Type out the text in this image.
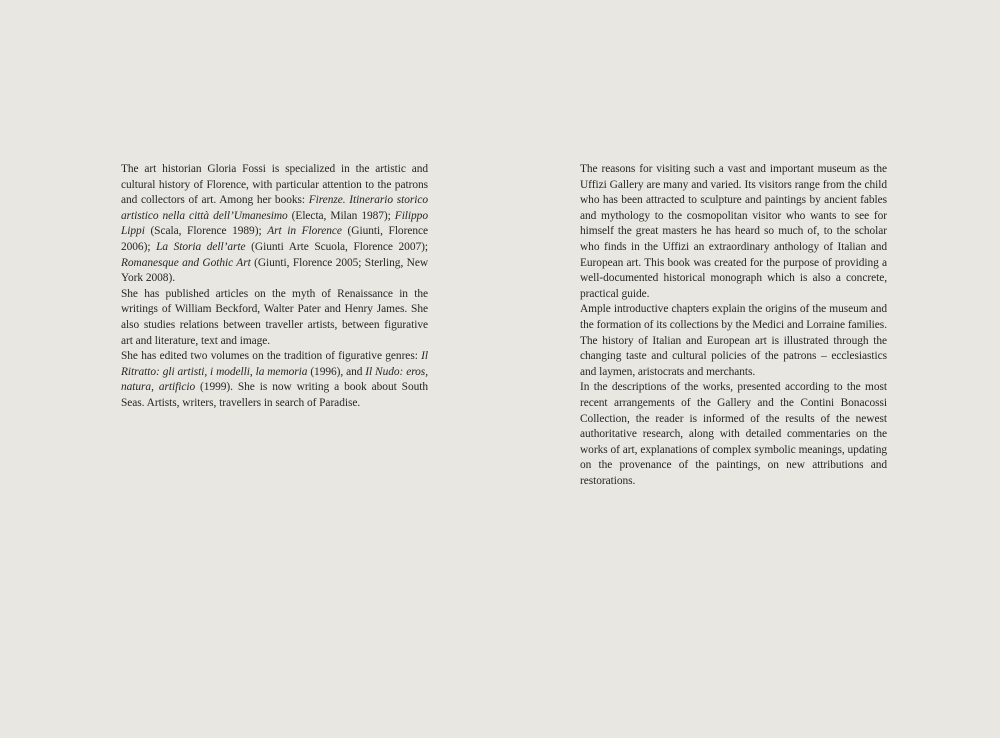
The art historian Gloria Fossi is specialized in the artistic and cultural history of Florence, with particular attention to the patrons and collectors of art. Among her books: Firenze. Itinerario storico artistico nella città dell’Umanesimo (Electa, Milan 1987); Filippo Lippi (Scala, Florence 1989); Art in Florence (Giunti, Florence 2006); La Storia dell’arte (Giunti Arte Scuola, Florence 2007); Romanesque and Gothic Art (Giunti, Florence 2005; Sterling, New York 2008).

She has published articles on the myth of Renaissance in the writings of William Beckford, Walter Pater and Henry James. She also studies relations between traveller artists, between figurative art and literature, text and image.

She has edited two volumes on the tradition of figurative genres: Il Ritratto: gli artisti, i modelli, la memoria (1996), and Il Nudo: eros, natura, artificio (1999). She is now writing a book about South Seas. Artists, writers, travellers in search of Paradise.

The reasons for visiting such a vast and important museum as the Uffizi Gallery are many and varied. Its visitors range from the child who has been attracted to sculpture and paintings by ancient fables and mythology to the cosmopolitan visitor who wants to see for himself the great masters he has heard so much of, to the scholar who finds in the Uffizi an extraordinary anthology of Italian and European art. This book was created for the purpose of providing a well-documented historical monograph which is also a concrete, practical guide.

Ample introductive chapters explain the origins of the museum and the formation of its collections by the Medici and Lorraine families. The history of Italian and European art is illustrated through the changing taste and cultural policies of the patrons – ecclesiastics and laymen, aristocrats and merchants.

In the descriptions of the works, presented according to the most recent arrangements of the Gallery and the Contini Bonacossi Collection, the reader is informed of the results of the newest authoritative research, along with detailed commentaries on the works of art, explanations of complex symbolic meanings, updating on the provenance of the paintings, on new attributions and restorations.
